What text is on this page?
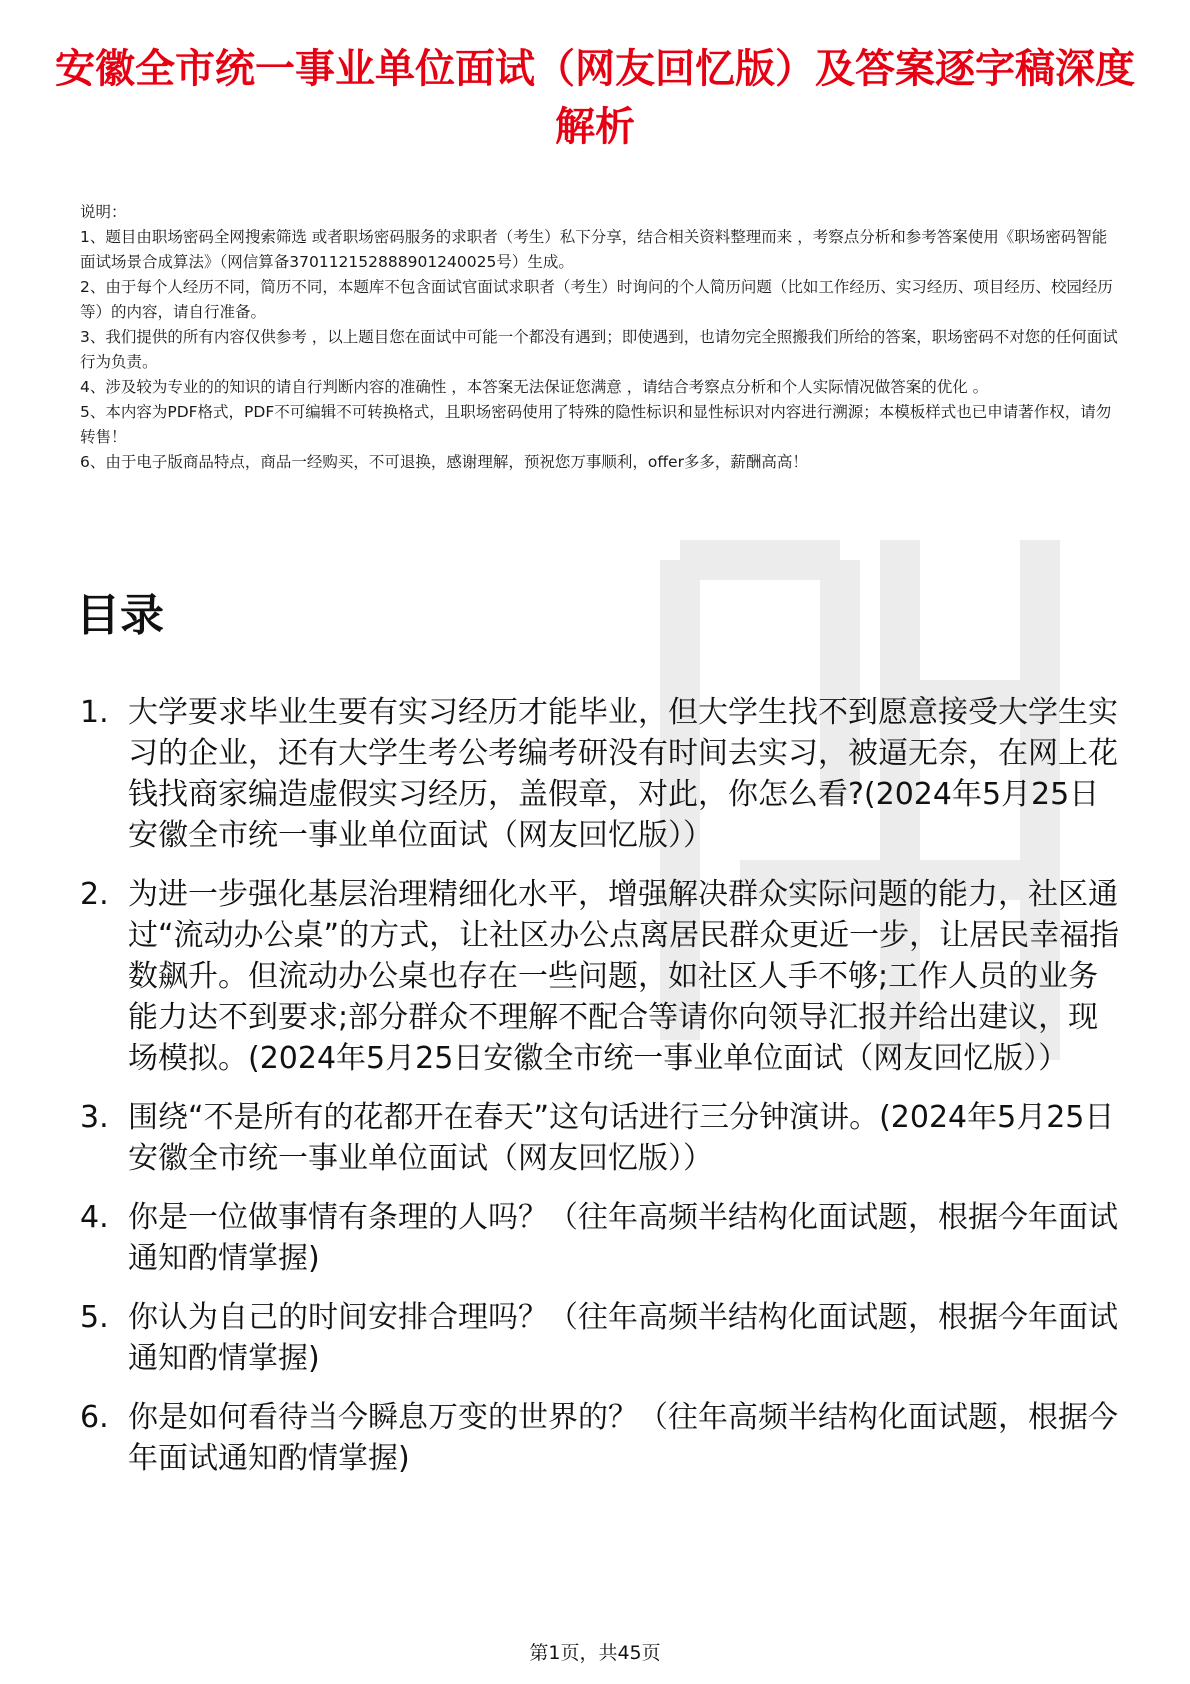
安徽全市统一事业单位面试（网友回忆版）及答案逐字稿深度解析

说明：

1、题目由职场密码全网搜索筛选 或者职场密码服务的求职者（考生）私下分享，结合相关资料整理而来 ，考察点分析和参考答案使用《职场密码智能面试场景合成算法》（网信算备370112152888901240025号）生成。

2、由于每个人经历不同，简历不同，本题库不包含面试官面试求职者（考生）时询问的个人简历问题（比如工作经历、实习经历、项目经历、校园经历等）的内容，请自行准备。

3、我们提供的所有内容仅供参考 ，以上题目您在面试中可能一个都没有遇到；即使遇到，也请勿完全照搬我们所给的答案，职场密码不对您的任何面试行为负责。

4、涉及较为专业的的知识的请自行判断内容的准确性 ，本答案无法保证您满意 ，请结合考察点分析和个人实际情况做答案的优化 。

5、本内容为PDF格式，PDF不可编辑不可转换格式，且职场密码使用了特殊的隐性标识和显性标识对内容进行溯源；本模板样式也已申请著作权，请勿转售！

6、由于电子版商品特点，商品一经购买，不可退换，感谢理解，预祝您万事顺利，offer多多，薪酬高高！

目录
1. 大学要求毕业生要有实习经历才能毕业，但大学生找不到愿意接受大学生实习的企业，还有大学生考公考编考研没有时间去实习，被逼无奈，在网上花钱找商家编造虚假实习经历，盖假章，对此，你怎么看?(2024年5月25日安徽全市统一事业单位面试（网友回忆版））
2. 为进一步强化基层治理精细化水平，增强解决群众实际问题的能力，社区通过“流动办公桌”的方式，让社区办公点离居民群众更近一步，让居民幸福指数飙升。但流动办公桌也存在一些问题，如社区人手不够;工作人员的业务能力达不到要求;部分群众不理解不配合等请你向领导汇报并给出建议，现场模拟。(2024年5月25日安徽全市统一事业单位面试（网友回忆版））
3. 围绕“不是所有的花都开在春天”这句话进行三分钟演讲。(2024年5月25日安徽全市统一事业单位面试（网友回忆版））
4. 你是一位做事情有条理的人吗？（往年高频半结构化面试题，根据今年面试通知酌情掌握)
5. 你认为自己的时间安排合理吗？（往年高频半结构化面试题，根据今年面试通知酌情掌握)
6. 你是如何看待当今瞬息万变的世界的？（往年高频半结构化面试题，根据今年面试通知酌情掌握)
第1页，共45页
